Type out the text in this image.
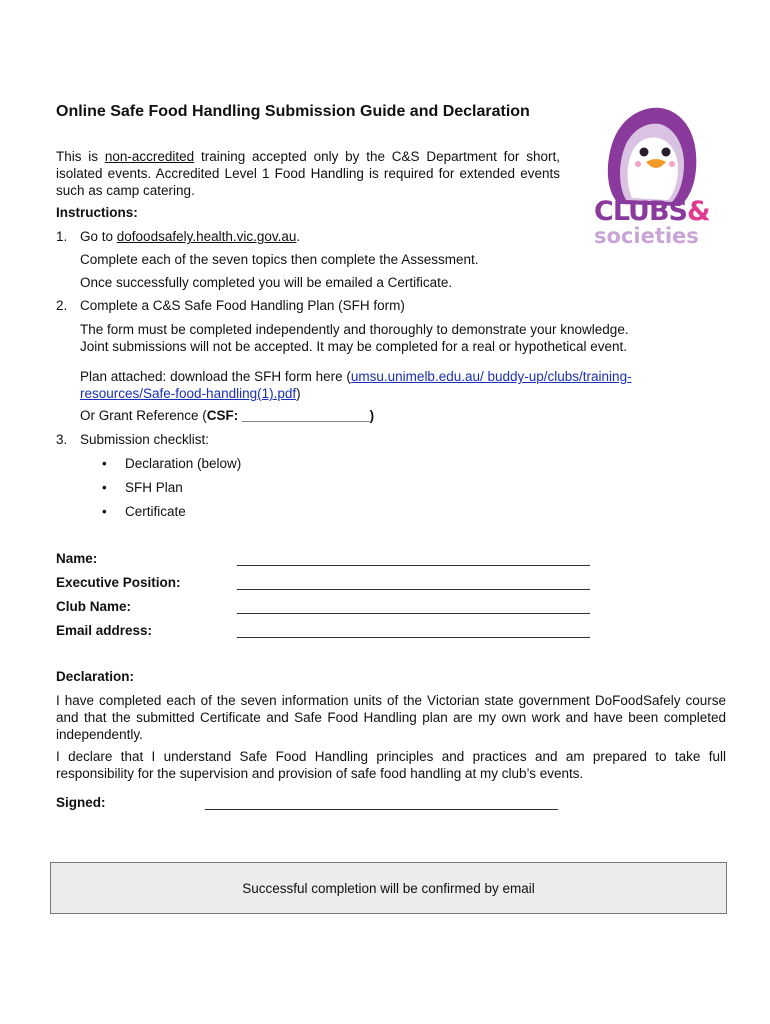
Online Safe Food Handling Submission Guide and Declaration
This is non-accredited training accepted only by the C&S Department for short, isolated events. Accredited Level 1 Food Handling is required for extended events such as camp catering.
Instructions:
1. Go to dofoodsafely.health.vic.gov.au.
Complete each of the seven topics then complete the Assessment.
Once successfully completed you will be emailed a Certificate.
2. Complete a C&S Safe Food Handling Plan (SFH form)
The form must be completed independently and thoroughly to demonstrate your knowledge.
Joint submissions will not be accepted. It may be completed for a real or hypothetical event.
Plan attached: download the SFH form here (umsu.unimelb.edu.au/ buddy-up/clubs/training-
resources/Safe-food-handling(1).pdf)
Or Grant Reference (CSF: _________________)
3. Submission checklist:
• Declaration (below)
• SFH Plan
• Certificate
Name:	_______________________________________________
Executive Position:	_______________________________________________
Club Name:	_______________________________________________
Email address:	_______________________________________________
Declaration:
I have completed each of the seven information units of the Victorian state government DoFoodSafely course and that the submitted Certificate and Safe Food Handling plan are my own work and have been completed independently.
I declare that I understand Safe Food Handling principles and practices and am prepared to take full responsibility for the supervision and provision of safe food handling at my club’s events.
Signed:	_______________________________________________
Successful completion will be confirmed by email
CLUBS&
societies
